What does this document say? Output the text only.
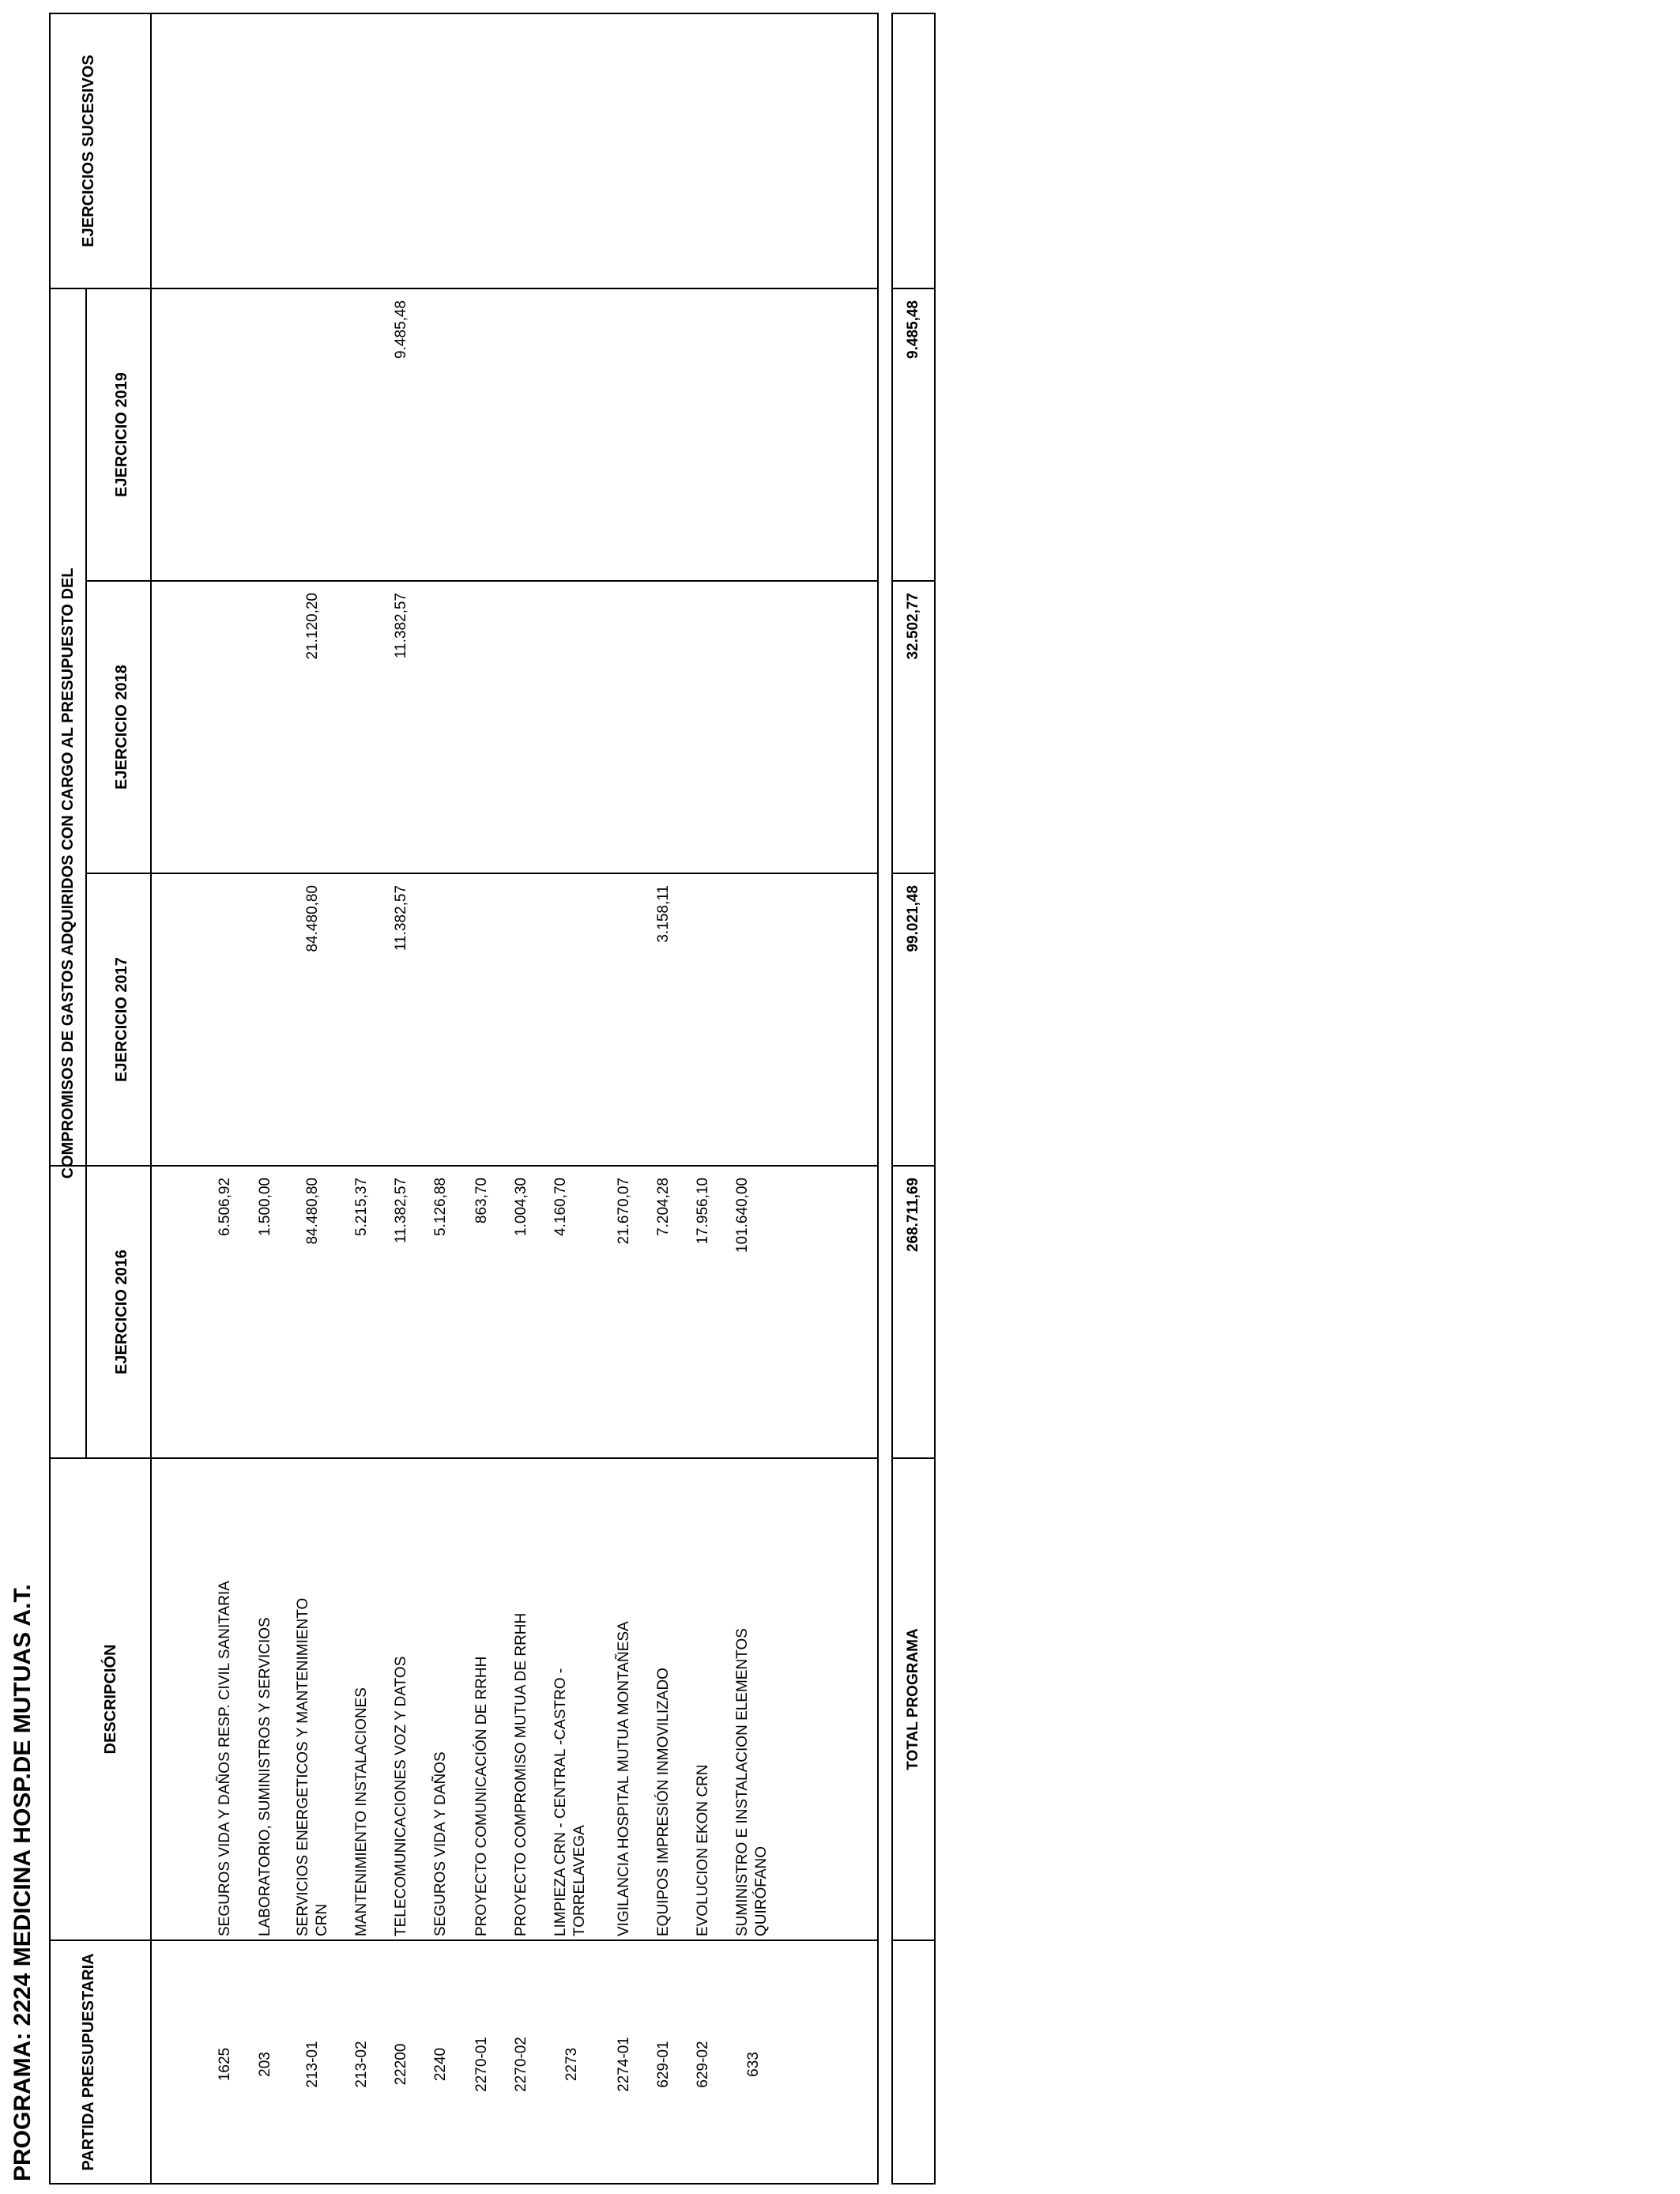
PROGRAMA: 2224 MEDICINA HOSP.DE MUTUAS A.T.	PARTIDA PRESUPUESTARIA
DESCRIPCIÓN
COMPROMISOS DE GASTOS ADQUIRIDOS CON CARGO AL PRESUPUESTO DEL
EJERCICIO 2016
EJERCICIO 2017
EJERCICIO 2018
EJERCICIO 2019
EJERCICIOS SUCESIVOS
1625
SEGUROS VIDA Y DAÑOS RESP. CIVIL SANITARIA
6.506,92
203
LABORATORIO, SUMINISTROS Y SERVICIOS
1.500,00
213-01
SERVICIOS ENERGETICOS Y MANTENIMIENTO CRN
84.480,80
84.480,80
21.120,20
213-02
MANTENIMIENTO INSTALACIONES
5.215,37
22200
TELECOMUNICACIONES VOZ Y DATOS
11.382,57
11.382,57
11.382,57
9.485,48
2240
SEGUROS VIDA Y DAÑOS
5.126,88
2270-01
PROYECTO COMUNICACIÓN DE RRHH
863,70
2270-02
PROYECTO COMPROMISO MUTUA DE RRHH
1.004,30
2273
LIMPIEZA CRN - CENTRAL -CASTRO - TORRELAVEGA
4.160,70
2274-01
VIGILANCIA HOSPITAL MUTUA MONTAÑESA
21.670,07
629-01
EQUIPOS IMPRESIÓN INMOVILIZADO
7.204,28
3.158,11
629-02
EVOLUCION EKON CRN
17.956,10
633
SUMINISTRO E INSTALACION ELEMENTOS QUIRÓFANO
101.640,00
TOTAL PROGRAMA
268.711,69
99.021,48
32.502,77
9.485,48
